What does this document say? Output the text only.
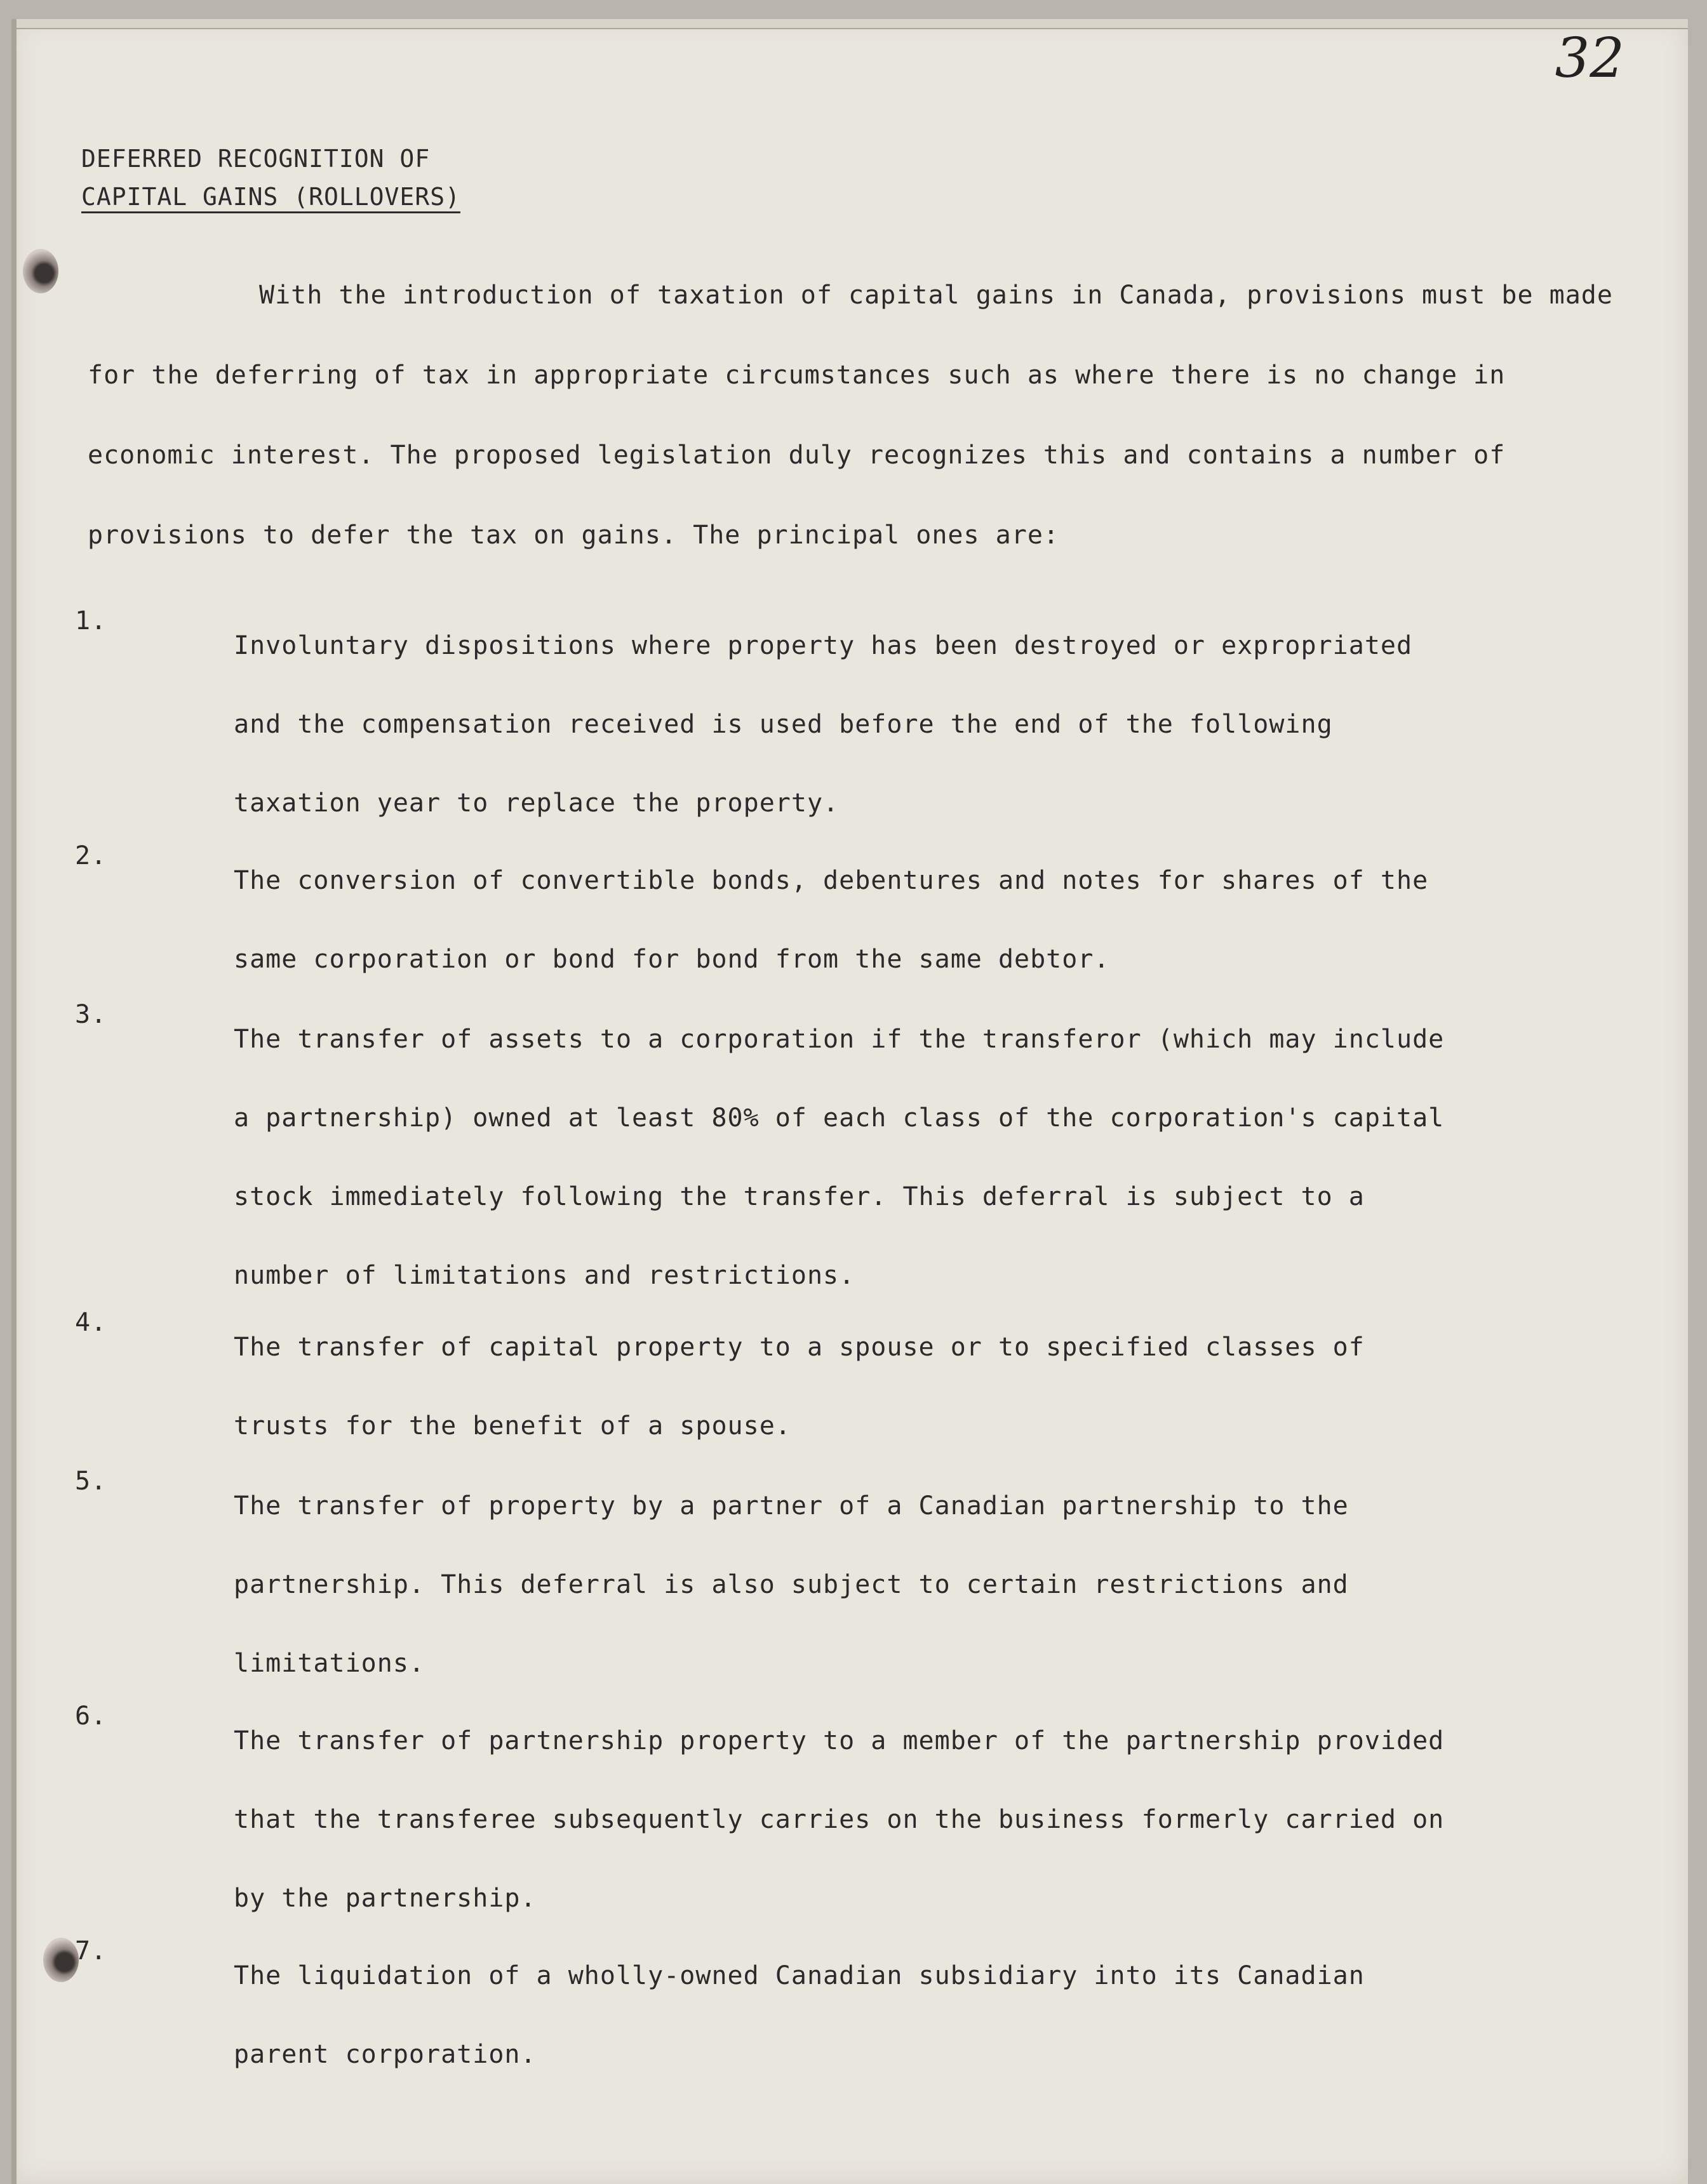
32
DEFERRED RECOGNITION OF
CAPITAL GAINS (ROLLOVERS)

With the introduction of taxation of capital gains in Canada, provisions must be made for the deferring of tax in appropriate circumstances such as where there is no change in economic interest. The proposed legislation duly recognizes this and contains a number of provisions to defer the tax on gains. The principal ones are:

1.
Involuntary dispositions where property has been destroyed or expropriated and the compensation received is used before the end of the following taxation year to replace the property.
2.
The conversion of convertible bonds, debentures and notes for shares of the same corporation or bond for bond from the same debtor.
3.
The transfer of assets to a corporation if the transferor (which may include a partnership) owned at least 80% of each class of the corporation's capital stock immediately following the transfer. This deferral is subject to a number of limitations and restrictions.
4.
The transfer of capital property to a spouse or to specified classes of trusts for the benefit of a spouse.
5.
The transfer of property by a partner of a Canadian partnership to the partnership. This deferral is also subject to certain restrictions and limitations.
6.
The transfer of partnership property to a member of the partnership provided that the transferee subsequently carries on the business formerly carried on by the partnership.
7.
The liquidation of a wholly-owned Canadian subsidiary into its Canadian parent corporation.
